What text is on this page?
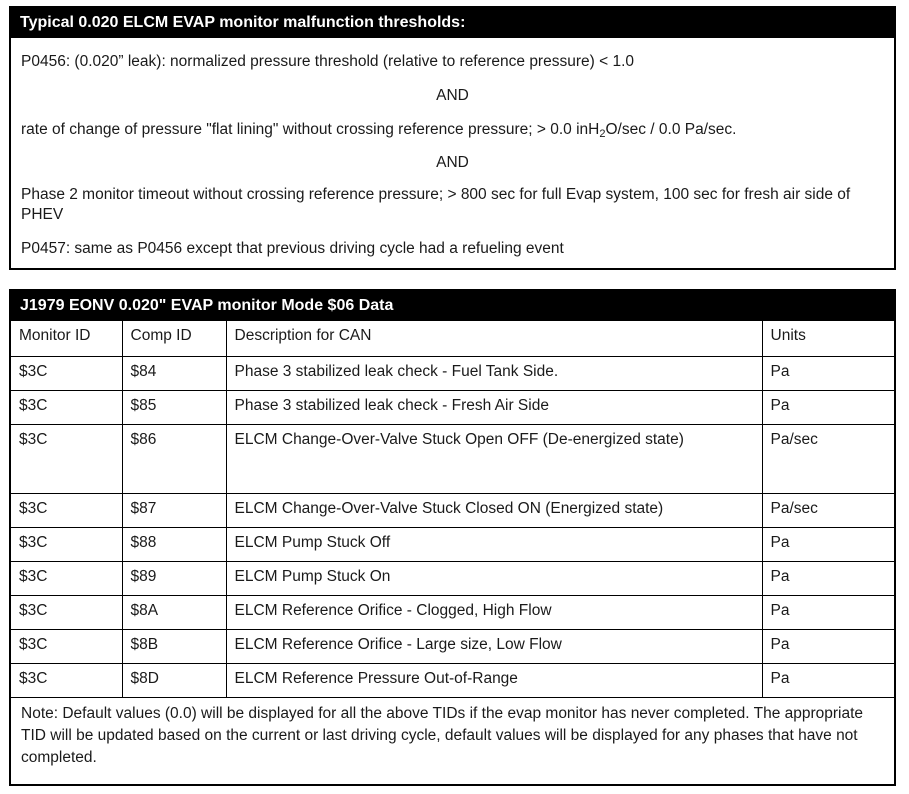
Typical 0.020 ELCM EVAP monitor malfunction thresholds:
P0456: (0.020” leak): normalized pressure threshold (relative to reference pressure) < 1.0
AND
rate of change of pressure "flat lining" without crossing reference pressure; > 0.0 inH$_2$O/sec / 0.0 Pa/sec.
AND
Phase 2 monitor timeout without crossing reference pressure; > 800 sec for full Evap system, 100 sec for fresh air side of PHEV
P0457: same as P0456 except that previous driving cycle had a refueling event
J1979 EONV 0.020" EVAP monitor Mode $06 Data
Monitor ID	Comp ID	Description for CAN	Units
$3C	$84	Phase 3 stabilized leak check - Fuel Tank Side.	Pa
$3C	$85	Phase 3 stabilized leak check - Fresh Air Side	Pa
$3C	$86	ELCM Change-Over-Valve Stuck Open OFF (De-energized state)	Pa/sec
$3C	$87	ELCM Change-Over-Valve Stuck Closed ON (Energized state)	Pa/sec
$3C	$88	ELCM Pump Stuck Off	Pa
$3C	$89	ELCM Pump Stuck On	Pa
$3C	$8A	ELCM Reference Orifice - Clogged, High Flow	Pa
$3C	$8B	ELCM Reference Orifice - Large size, Low Flow	Pa
$3C	$8D	ELCM Reference Pressure Out-of-Range	Pa
Note: Default values (0.0) will be displayed for all the above TIDs if the evap monitor has never completed. The appropriate TID will be updated based on the current or last driving cycle, default values will be displayed for any phases that have not completed.
